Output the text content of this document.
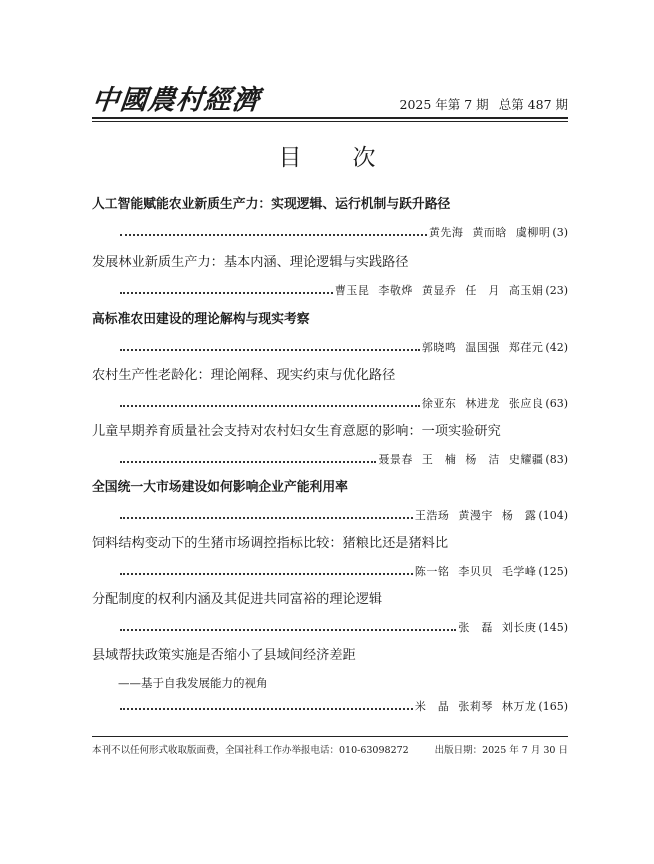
中國農村經濟	2025 年第 7 期 总第 487 期
目　次
人工智能赋能农业新质生产力：实现逻辑、运行机制与跃升路径
黄先海 黄而晗 虞柳明 (3)
发展林业新质生产力：基本内涵、理论逻辑与实践路径
曹玉昆 李敬烨 黄显乔 任　月 高玉娟 (23)
高标准农田建设的理论解构与现实考察
郭晓鸣 温国强 郑荏元 (42)
农村生产性老龄化：理论阐释、现实约束与优化路径
徐亚东 林进龙 张应良 (63)
儿童早期养育质量社会支持对农村妇女生育意愿的影响：一项实验研究
聂景春 王　楠 杨　洁 史耀疆 (83)
全国统一大市场建设如何影响企业产能利用率
王浩玚 黄漫宇 杨　露 (104)
饲料结构变动下的生猪市场调控指标比较：猪粮比还是猪料比
陈一铭 李贝贝 毛学峰 (125)
分配制度的权利内涵及其促进共同富裕的理论逻辑
张　磊 刘长庚 (145)
县域帮扶政策实施是否缩小了县域间经济差距
——基于自我发展能力的视角
米　晶 张莉琴 林万龙 (165)
本刊不以任何形式收取版面费，全国社科工作办举报电话：010-63098272	出版日期：2025 年 7 月 30 日
